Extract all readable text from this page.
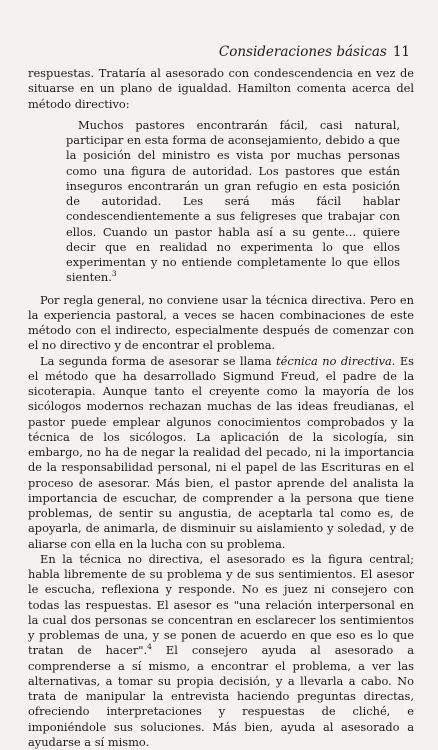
Consideraciones básicas 11

respuestas. Trataría al asesorado con condescendencia en vez de situarse en un plano de igualdad. Hamilton comenta acerca del método directivo:

Muchos pastores encontrarán fácil, casi natural, participar en esta forma de aconsejamiento, debido a que la posición del ministro es vista por muchas personas como una figura de autoridad. Los pastores que están inseguros encontrarán un gran refugio en esta posición de autoridad. Les será más fácil hablar condescendientemente a sus feligreses que trabajar con ellos. Cuando un pastor habla así a su gente… quiere decir que en realidad no experimenta lo que ellos experimentan y no entiende completamente lo que ellos sienten.$^3$

Por regla general, no conviene usar la técnica directiva. Pero en la experiencia pastoral, a veces se hacen combinaciones de este método con el indirecto, especialmente después de comenzar con el no directivo y de encontrar el problema.

La segunda forma de asesorar se llama técnica no directiva. Es el método que ha desarrollado Sigmund Freud, el padre de la sicoterapia. Aunque tanto el creyente como la mayoría de los sicólogos modernos rechazan muchas de las ideas freudianas, el pastor puede emplear algunos conocimientos comprobados y la técnica de los sicólogos. La aplicación de la sicología, sin embargo, no ha de negar la realidad del pecado, ni la importancia de la responsabilidad personal, ni el papel de las Escrituras en el proceso de asesorar. Más bien, el pastor aprende del analista la importancia de escuchar, de comprender a la persona que tiene problemas, de sentir su angustia, de aceptarla tal como es, de apoyarla, de animarla, de disminuir su aislamiento y soledad, y de aliarse con ella en la lucha con su problema.

En la técnica no directiva, el asesorado es la figura central; habla libremente de su problema y de sus sentimientos. El asesor le escucha, reflexiona y responde. No es juez ni consejero con todas las respuestas. El asesor es "una relación interpersonal en la cual dos personas se concentran en esclarecer los sentimientos y problemas de una, y se ponen de acuerdo en que eso es lo que tratan de hacer".$^4$ El consejero ayuda al asesorado a comprenderse a sí mismo, a encontrar el problema, a ver las alternativas, a tomar su propia decisión, y a llevarla a cabo. No trata de manipular la entrevista haciendo preguntas directas, ofreciendo interpretaciones y respuestas de cliché, e imponiéndole sus soluciones. Más bien, ayuda al asesorado a ayudarse a sí mismo.
